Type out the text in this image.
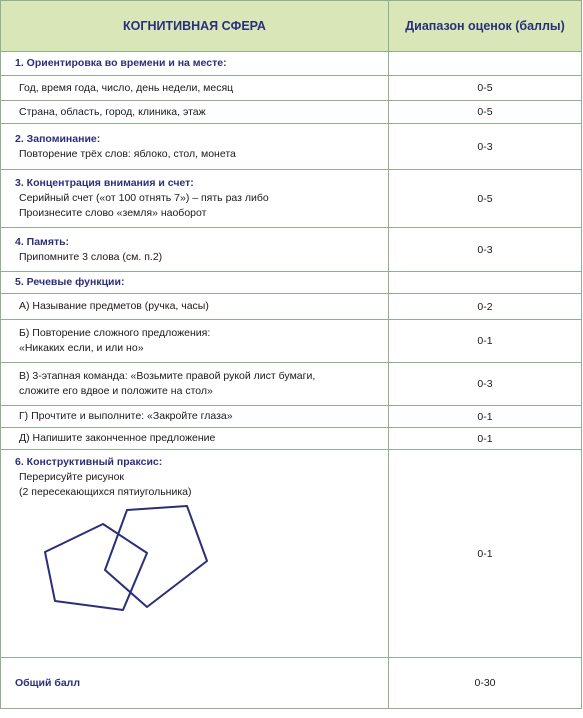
КОГНИТИВНАЯ СФЕРА	Диапазон оценок (баллы)
1. Ориентировка во времени и на месте:	
Год, время года, число, день недели, месяц	0-5
Страна, область, город, клиника, этаж	0-5

2. Запоминание:
Повторение трёх слов: яблоко, стол, монета	0-3

3. Концентрация внимания и счет:
Серийный счет («от 100 отнять 7») – пять раз либо
Произнесите слово «земля» наоборот	0-5

4. Память:
Припомните 3 слова (см. п.2)	0-3
5. Речевые функции:	
А) Называние предметов (ручка, часы)	0-2

Б) Повторение сложного предложения:
«Никаких если, и или но»	0-1

В) 3-этапная команда: «Возьмите правой рукой лист бумаги,
сложите его вдвое и положите на стол»	0-3
Г) Прочтите и выполните: «Закройте глаза»	0-1
Д) Напишите законченное предложение	0-1

6. Конструктивный праксис:
Перерисуйте рисунок
(2 пересекающихся пятиугольника)	0-1
Общий балл	0-30
